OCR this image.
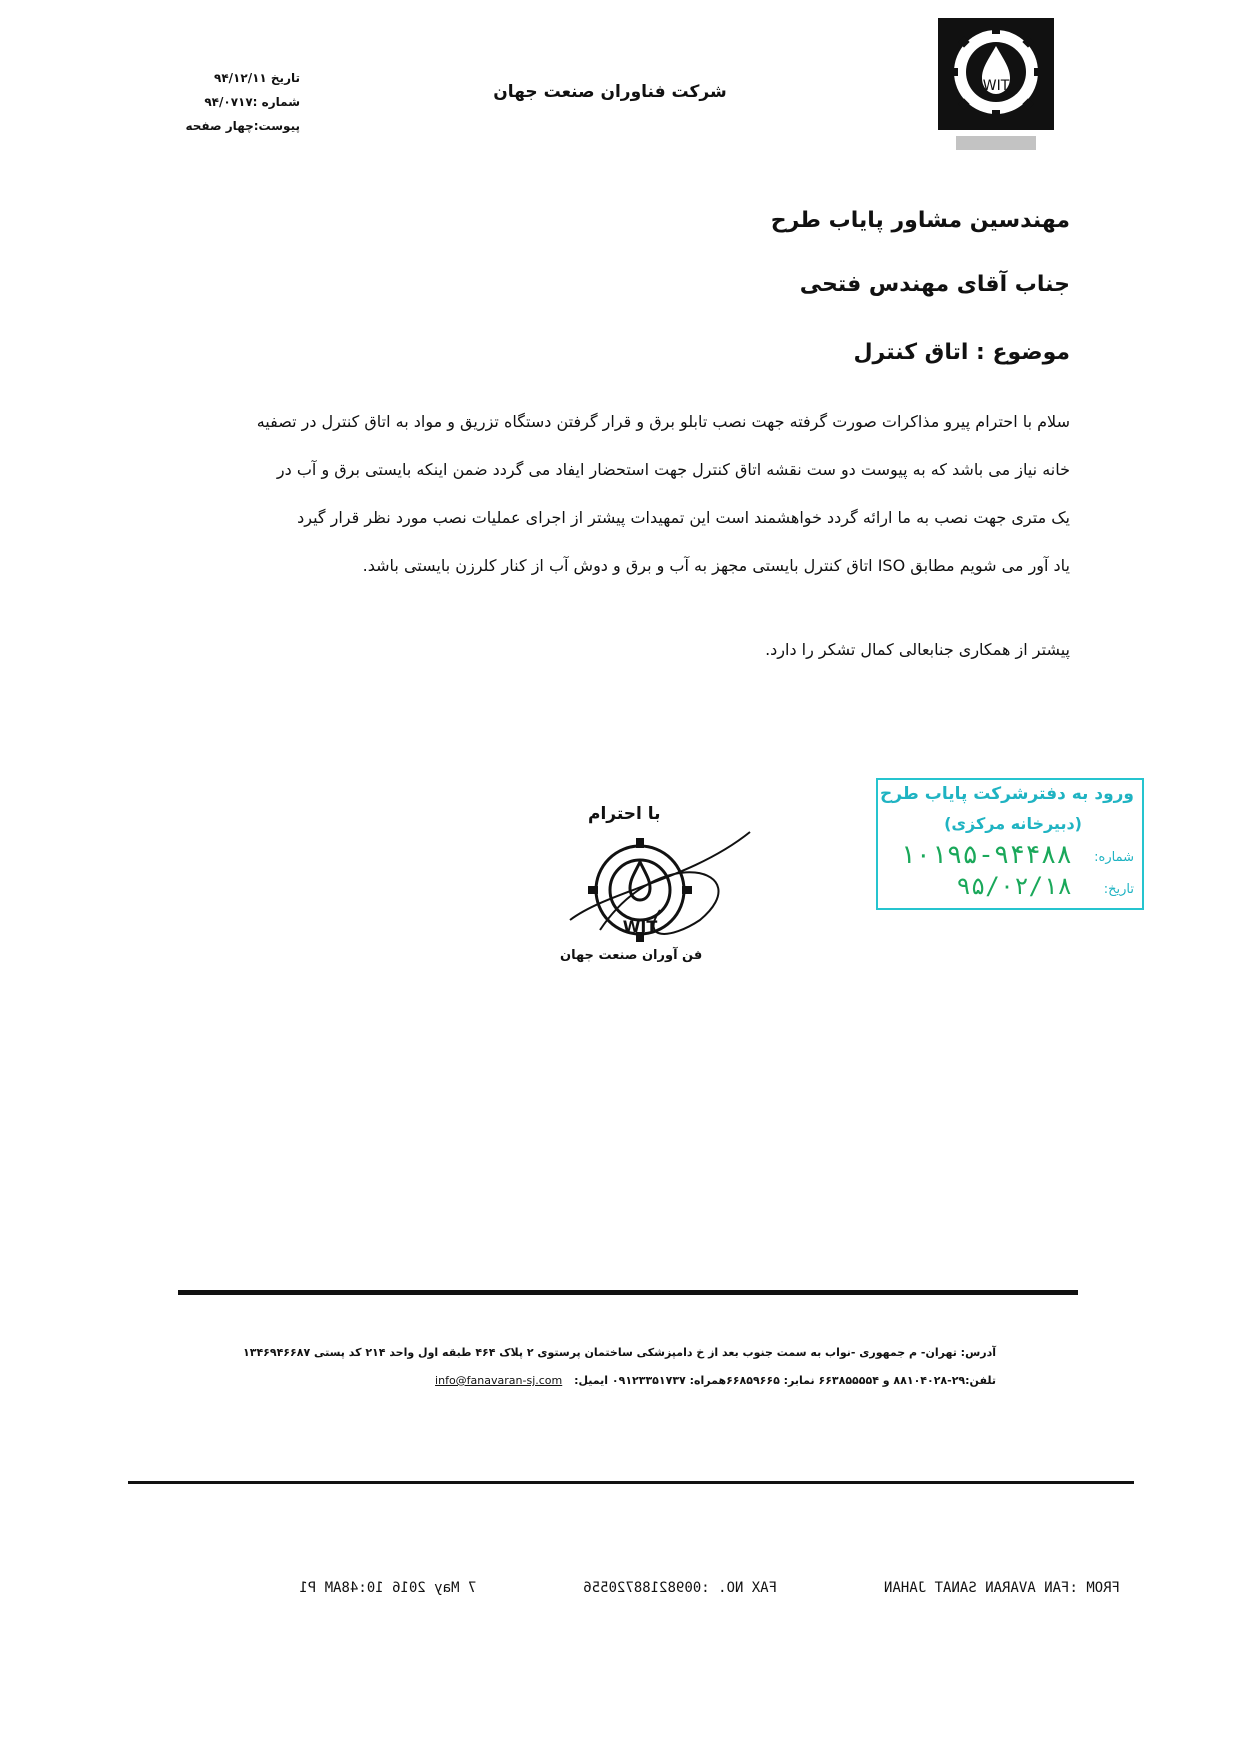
WIT
شرکت فناوران صنعت جهان
تاریخ ۹۴/۱۲/۱۱
شماره :۹۴/۰۷۱۷
پیوست:چهار صفحه
مهندسین مشاور پایاب طرح
جناب آقای مهندس فتحی
موضوع : اتاق کنترل

سلام با احترام پیرو مذاکرات صورت گرفته جهت نصب تابلو برق و قرار گرفتن دستگاه تزریق و مواد به اتاق کنترل در تصفیه

خانه نیاز می باشد که به پیوست دو ست نقشه اتاق کنترل جهت استحضار ایفاد می گردد ضمن اینکه بایستی برق و آب در

یک متری جهت نصب به ما ارائه گردد خواهشمند است این تمهیدات پیشتر از اجرای عملیات نصب مورد نظر قرار گیرد

یاد آور می شویم مطابق ISO اتاق کنترل بایستی مجهز به آب و برق و دوش آب از کنار کلرزن بایستی باشد.

پیشتر از همکاری جنابعالی کمال تشکر را دارد.
WIT
با احترام
فن آوران صنعت جهان
ورود به دفترشرکت پایاب طرح
(دبیرخانه مرکزی)
شماره:
۱۰۱۹۵-۹۴۴۸۸
تاریخ:
۹۵/۰۲/۱۸
آدرس: تهران- م جمهوری -نواب به سمت جنوب بعد از خ دامپزشکی ساختمان پرستوی ۲ پلاک ۴۶۴ طبقه اول واحد ۲۱۴ کد پستی ۱۳۴۶۹۴۶۶۸۷
تلفن:۲۹-۸۸۱۰۴۰۲۸ و ۶۶۳۸۵۵۵۵۴ نمابر: ۶۶۸۵۹۶۶۵همراه: ۰۹۱۲۳۳۵۱۷۳۷ ایمیل: info@fanavaran-sj.com
FROM :FAN AVARAN SANAT JAHAN  FAX NO. :00982188720556  7 May 2016 10:48AM P1
